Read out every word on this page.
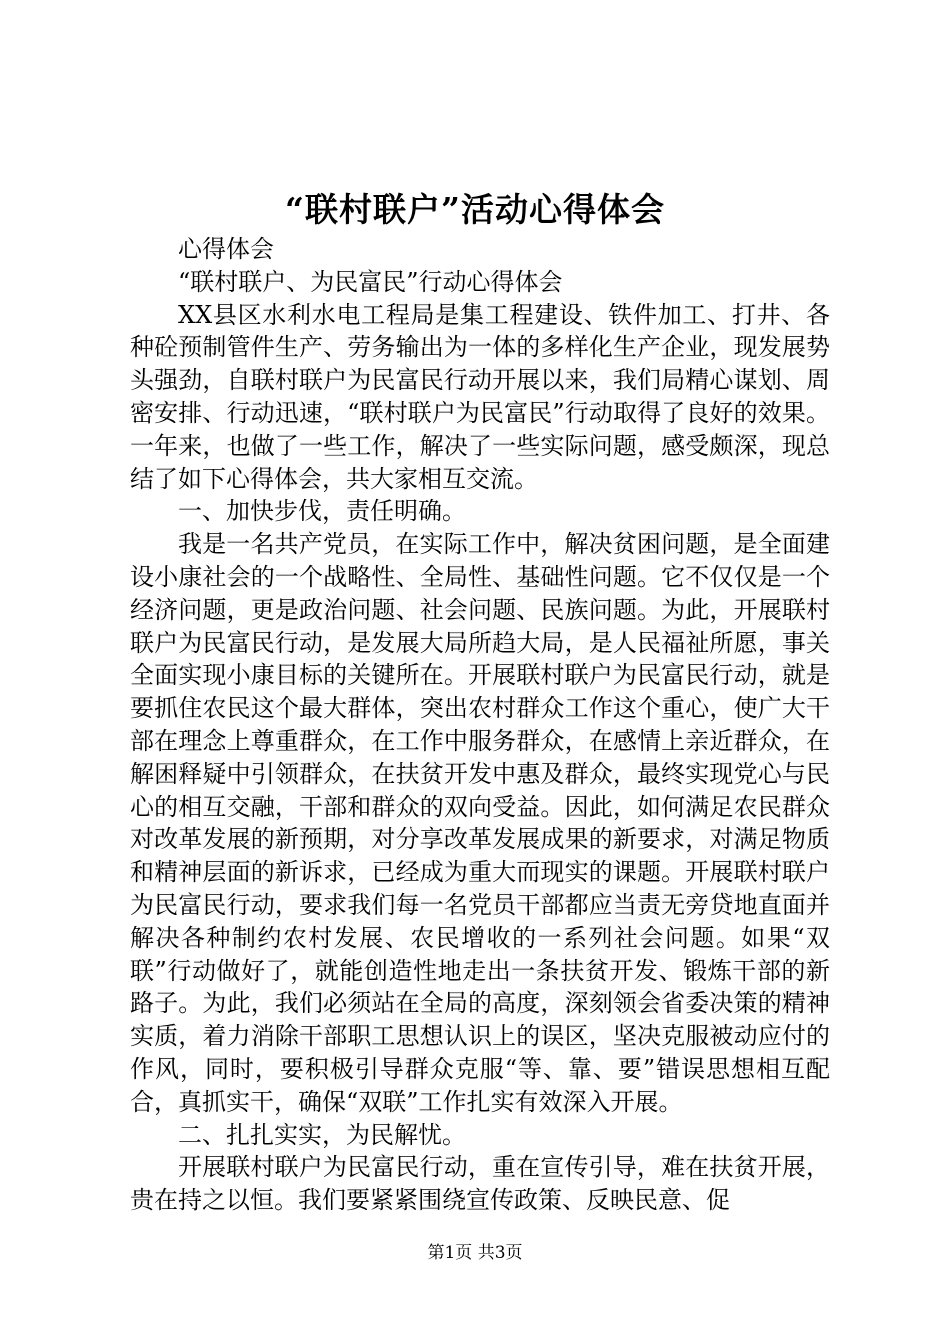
“联村联户”活动心得体会

心得体会

“联村联户、为民富民”行动心得体会

XX县区水利水电工程局是集工程建设、铁件加工、打井、各种砼预制管件生产、劳务输出为一体的多样化生产企业，现发展势头强劲，自联村联户为民富民行动开展以来，我们局精心谋划、周密安排、行动迅速，“联村联户为民富民”行动取得了良好的效果。一年来，也做了一些工作，解决了一些实际问题，感受颇深，现总结了如下心得体会，共大家相互交流。

一、加快步伐，责任明确。

我是一名共产党员，在实际工作中，解决贫困问题，是全面建设小康社会的一个战略性、全局性、基础性问题。它不仅仅是一个经济问题，更是政治问题、社会问题、民族问题。为此，开展联村联户为民富民行动，是发展大局所趋大局，是人民福祉所愿，事关全面实现小康目标的关键所在。开展联村联户为民富民行动，就是要抓住农民这个最大群体，突出农村群众工作这个重心，使广大干部在理念上尊重群众，在工作中服务群众，在感情上亲近群众，在解困释疑中引领群众，在扶贫开发中惠及群众，最终实现党心与民心的相互交融，干部和群众的双向受益。因此，如何满足农民群众对改革发展的新预期，对分享改革发展成果的新要求，对满足物质和精神层面的新诉求，已经成为重大而现实的课题。开展联村联户为民富民行动，要求我们每一名党员干部都应当责无旁贷地直面并解决各种制约农村发展、农民增收的一系列社会问题。如果“双联”行动做好了，就能创造性地走出一条扶贫开发、锻炼干部的新路子。为此，我们必须站在全局的高度，深刻领会省委决策的精神实质，着力消除干部职工思想认识上的误区，坚决克服被动应付的作风，同时，要积极引导群众克服“等、靠、要”错误思想相互配合，真抓实干，确保“双联”工作扎实有效深入开展。

二、扎扎实实，为民解忧。

开展联村联户为民富民行动，重在宣传引导，难在扶贫开展，贵在持之以恒。我们要紧紧围绕宣传政策、反映民意、促

第1页 共3页
